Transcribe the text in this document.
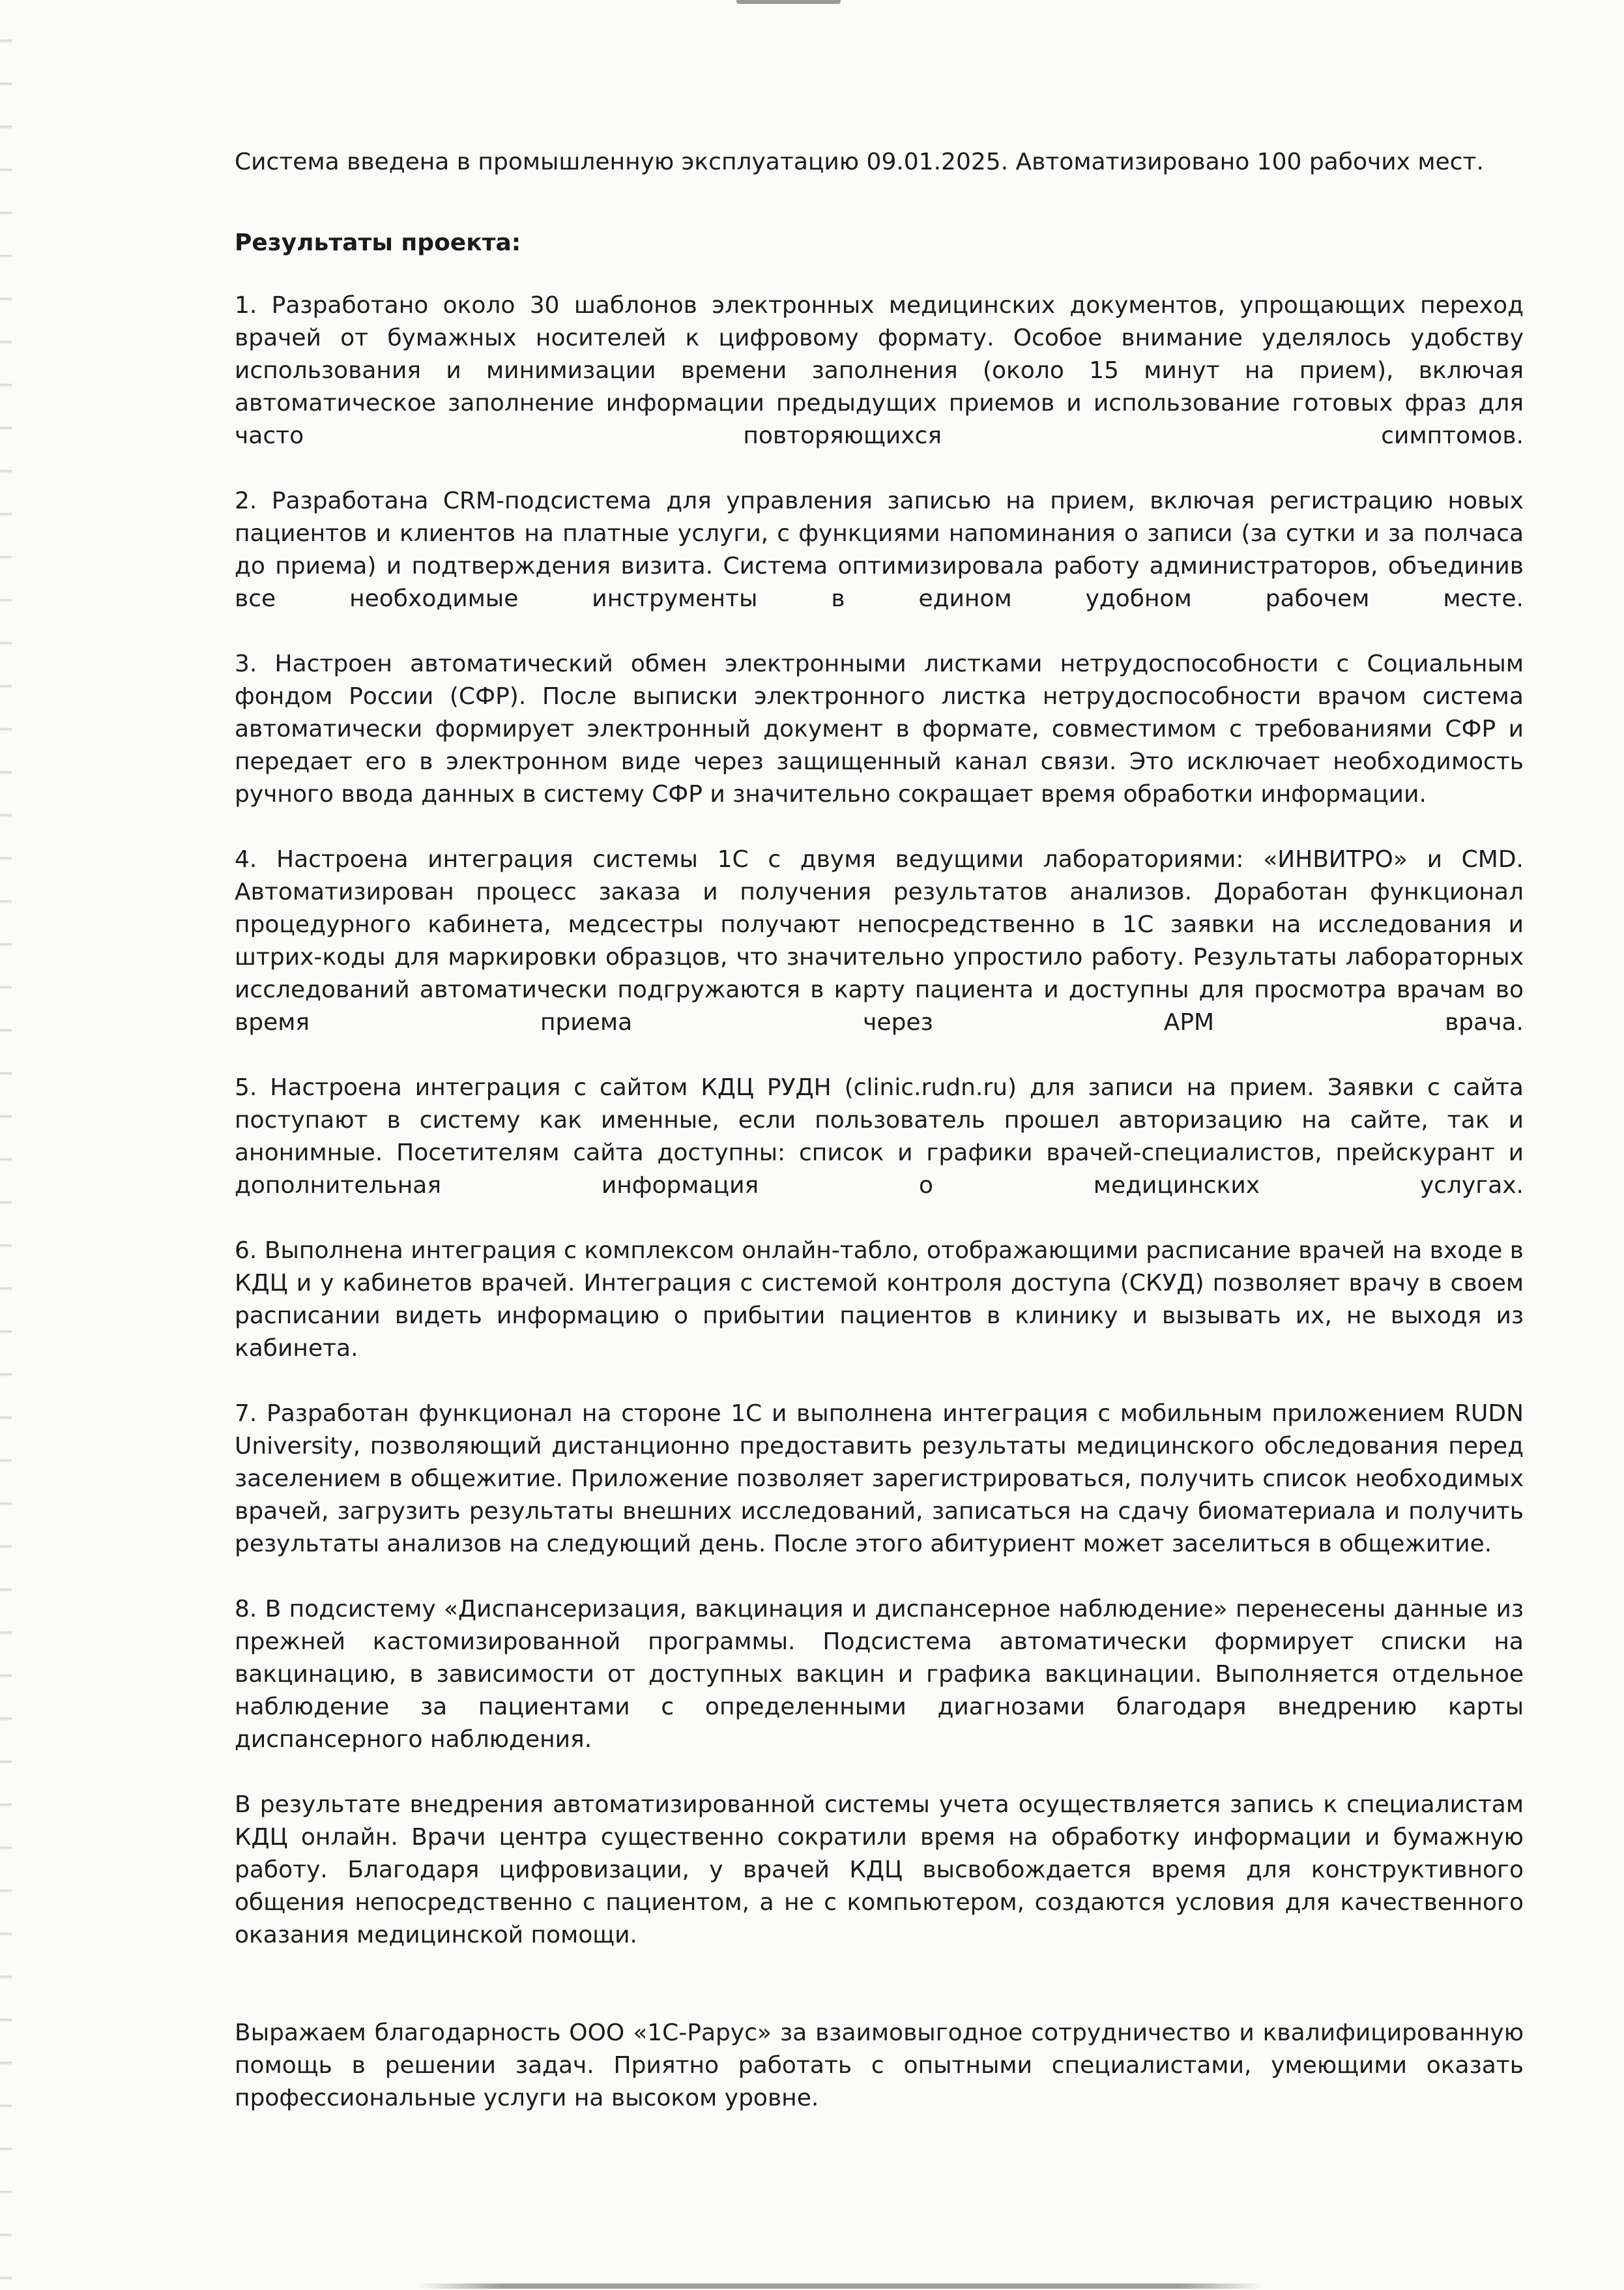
Система введена в промышленную эксплуатацию 09.01.2025. Автоматизировано 100 рабочих мест.

Результаты проекта:

1. Разработано около 30 шаблонов электронных медицинских документов, упрощающих переход врачей от бумажных носителей к цифровому формату. Особое внимание уделялось удобству использования и минимизации времени заполнения (около 15 минут на прием), включая автоматическое заполнение информации предыдущих приемов и использование готовых фраз для часто повторяющихся симптомов.

2. Разработана CRM-подсистема для управления записью на прием, включая регистрацию новых пациентов и клиентов на платные услуги, с функциями напоминания о записи (за сутки и за полчаса до приема) и подтверждения визита. Система оптимизировала работу администраторов, объединив все необходимые инструменты в едином удобном рабочем месте.

3. Настроен автоматический обмен электронными листками нетрудоспособности с Социальным фондом России (СФР). После выписки электронного листка нетрудоспособности врачом система автоматически формирует электронный документ в формате, совместимом с требованиями СФР и передает его в электронном виде через защищенный канал связи. Это исключает необходимость ручного ввода данных в систему СФР и значительно сокращает время обработки информации.

4. Настроена интеграция системы 1С с двумя ведущими лабораториями: «ИНВИТРО» и CMD. Автоматизирован процесс заказа и получения результатов анализов. Доработан функционал процедурного кабинета, медсестры получают непосредственно в 1С заявки на исследования и штрих-коды для маркировки образцов, что значительно упростило работу. Результаты лабораторных исследований автоматически подгружаются в карту пациента и доступны для просмотра врачам во время приема через АРМ врача.

5. Настроена интеграция с сайтом КДЦ РУДН (clinic.rudn.ru) для записи на прием. Заявки с сайта поступают в систему как именные, если пользователь прошел авторизацию на сайте, так и анонимные. Посетителям сайта доступны: список и графики врачей-специалистов, прейскурант и дополнительная информация о медицинских услугах.

6. Выполнена интеграция с комплексом онлайн-табло, отображающими расписание врачей на входе в КДЦ и у кабинетов врачей. Интеграция с системой контроля доступа (СКУД) позволяет врачу в своем расписании видеть информацию о прибытии пациентов в клинику и вызывать их, не выходя из кабинета.

7. Разработан функционал на стороне 1С и выполнена интеграция с мобильным приложением RUDN University, позволяющий дистанционно предоставить результаты медицинского обследования перед заселением в общежитие. Приложение позволяет зарегистрироваться, получить список необходимых врачей, загрузить результаты внешних исследований, записаться на сдачу биоматериала и получить результаты анализов на следующий день. После этого абитуриент может заселиться в общежитие.

8. В подсистему «Диспансеризация, вакцинация и диспансерное наблюдение» перенесены данные из прежней кастомизированной программы. Подсистема автоматически формирует списки на вакцинацию, в зависимости от доступных вакцин и графика вакцинации. Выполняется отдельное наблюдение за пациентами с определенными диагнозами благодаря внедрению карты диспансерного наблюдения.

В результате внедрения автоматизированной системы учета осуществляется запись к специалистам КДЦ онлайн. Врачи центра существенно сократили время на обработку информации и бумажную работу. Благодаря цифровизации, у врачей КДЦ высвобождается время для конструктивного общения непосредственно с пациентом, а не с компьютером, создаются условия для качественного оказания медицинской помощи.

Выражаем благодарность ООО «1С-Рарус» за взаимовыгодное сотрудничество и квалифицированную помощь в решении задач. Приятно работать с опытными специалистами, умеющими оказать профессиональные услуги на высоком уровне.
